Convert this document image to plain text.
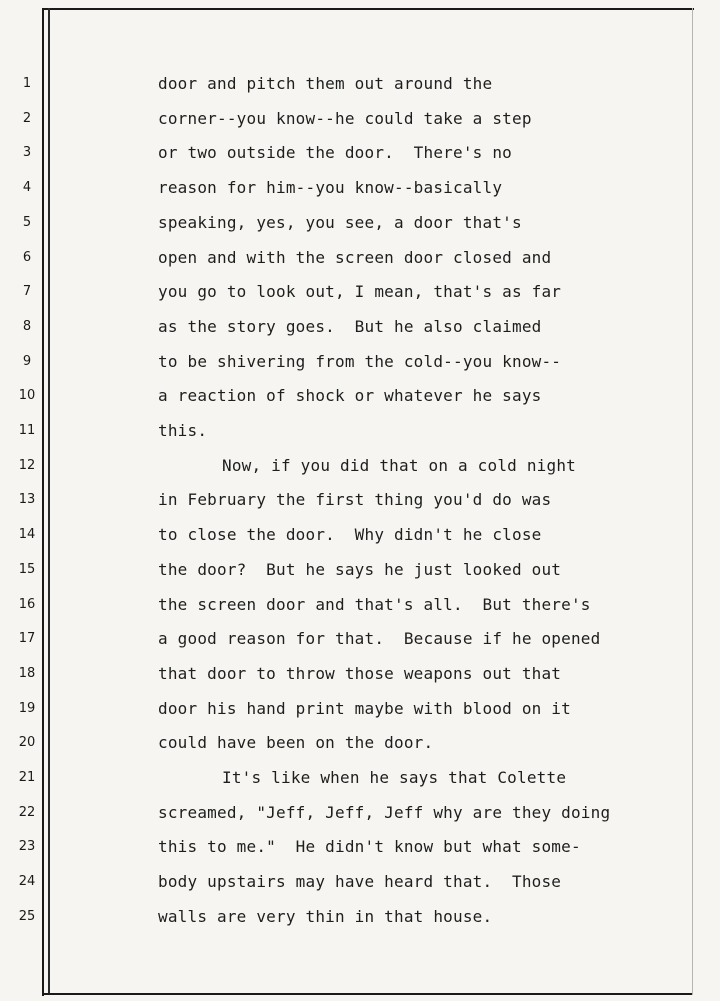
1
2
3
4
5
6
7
8
9
10
11
12
13
14
15
16
17
18
19
20
21
22
23
24
25
door and pitch them out around the
corner--you know--he could take a step
or two outside the door.  There's no
reason for him--you know--basically
speaking, yes, you see, a door that's
open and with the screen door closed and
you go to look out, I mean, that's as far
as the story goes.  But he also claimed
to be shivering from the cold--you know--
a reaction of shock or whatever he says
this.
Now, if you did that on a cold night
in February the first thing you'd do was
to close the door.  Why didn't he close
the door?  But he says he just looked out
the screen door and that's all.  But there's
a good reason for that.  Because if he opened
that door to throw those weapons out that
door his hand print maybe with blood on it
could have been on the door.
It's like when he says that Colette
screamed, "Jeff, Jeff, Jeff why are they doing
this to me."  He didn't know but what some-
body upstairs may have heard that.  Those
walls are very thin in that house.
